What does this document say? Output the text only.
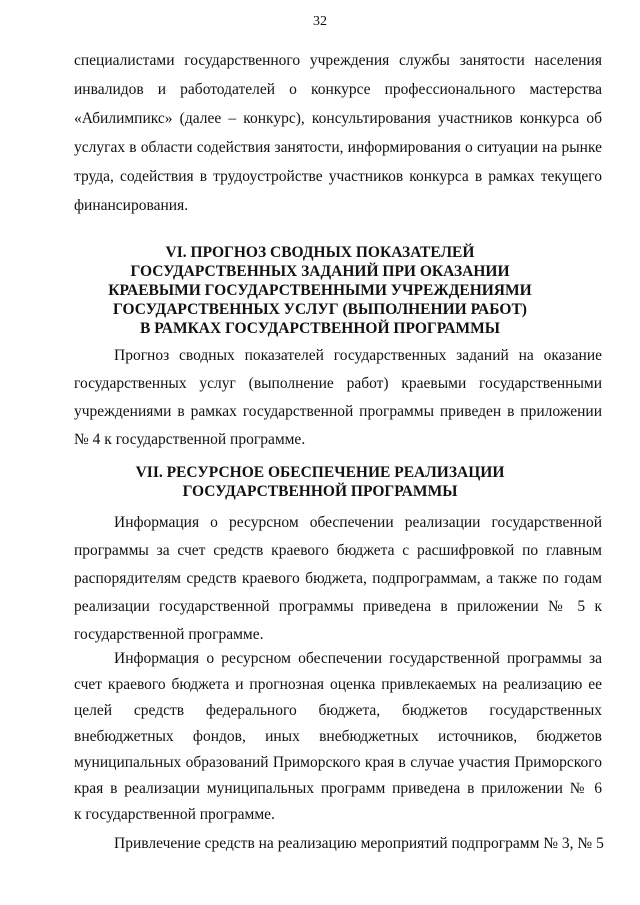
32
специалистами государственного учреждения службы занятости населения
инвалидов и работодателей о конкурсе профессионального мастерства
«Абилимпикс» (далее – конкурс), консультирования участников конкурса об
услугах в области содействия занятости, информирования о ситуации на рынке
труда, содействия в трудоустройстве участников конкурса в рамках текущего
финансирования.
VI. ПРОГНОЗ СВОДНЫХ ПОКАЗАТЕЛЕЙ
ГОСУДАРСТВЕННЫХ ЗАДАНИЙ ПРИ ОКАЗАНИИ
КРАЕВЫМИ ГОСУДАРСТВЕННЫМИ УЧРЕЖДЕНИЯМИ
ГОСУДАРСТВЕННЫХ УСЛУГ (ВЫПОЛНЕНИИ РАБОТ)
В РАМКАХ ГОСУДАРСТВЕННОЙ ПРОГРАММЫ
Прогноз сводных показателей государственных заданий на оказание
государственных услуг (выполнение работ) краевыми государственными
учреждениями в рамках государственной программы приведен в приложении
№ 4 к государственной программе.
VII. РЕСУРСНОЕ ОБЕСПЕЧЕНИЕ РЕАЛИЗАЦИИ
ГОСУДАРСТВЕННОЙ ПРОГРАММЫ
Информация о ресурсном обеспечении реализации государственной
программы за счет средств краевого бюджета с расшифровкой по главным
распорядителям средств краевого бюджета, подпрограммам, а также по годам
реализации государственной программы приведена в приложении № 5 к
государственной программе.
Информация о ресурсном обеспечении государственной программы за
счет краевого бюджета и прогнозная оценка привлекаемых на реализацию ее
целей средств федерального бюджета, бюджетов государственных
внебюджетных фондов, иных внебюджетных источников, бюджетов
муниципальных образований Приморского края в случае участия Приморского
края в реализации муниципальных программ приведена в приложении № 6
к государственной программе.
Привлечение средств на реализацию мероприятий подпрограмм № 3, № 5
